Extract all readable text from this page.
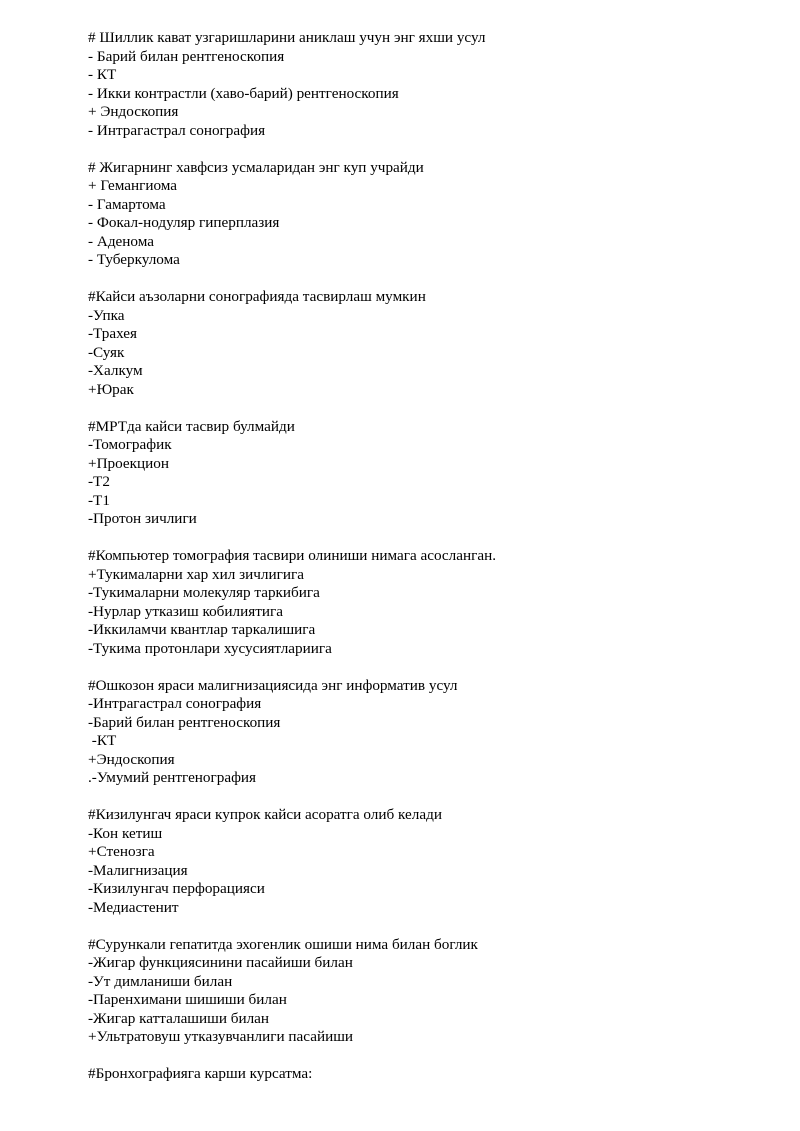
# Шиллик кават узгаришларини аниклаш учун энг яхши усул
- Барий билан рентгеноскопия
- КТ
- Икки контрастли (хаво-барий) рентгеноскопия
+ Эндоскопия
- Интрагастрал сонография
# Жигарнинг хавфсиз усмаларидан энг куп учрайди
+ Гемангиома
- Гамартома
- Фокал-нодуляр гиперплазия
- Аденома
- Туберкулома
#Кайси аъзоларни сонографияда тасвирлаш мумкин
-Упка
-Трахея
-Суяк
-Халкум
+Юрак
#МРТда кайси тасвир булмайди
-Томографик
+Проекцион
-Т2
-Т1
-Протон зичлиги
#Компьютер томография тасвири олиниши нимага асосланган.
+Тукималарни хар хил зичлигига
-Тукималарни молекуляр таркибига
-Нурлар утказиш кобилиятига
-Иккиламчи квантлар таркалишига
-Тукима протонлари хусусиятлариига
#Ошкозон яраси малигнизациясида энг информатив усул
-Интрагастрал сонография
-Барий билан рентгеноскопия
-КТ
+Эндоскопия
.-Умумий рентгенография
#Кизилунгач яраси купрок кайси асоратга олиб келади
-Кон кетиш
+Стенозга
-Малигнизация
-Кизилунгач перфорацияси
-Медиастенит
#Сурункали гепатитда эхогенлик ошиши нима билан боглик
-Жигар функциясинини пасайиши билан
-Ут димланиши билан
-Паренхимани шишиши билан
-Жигар катталашиши билан
+Ультратовуш утказувчанлиги пасайиши
#Бронхографияга карши курсатма:
